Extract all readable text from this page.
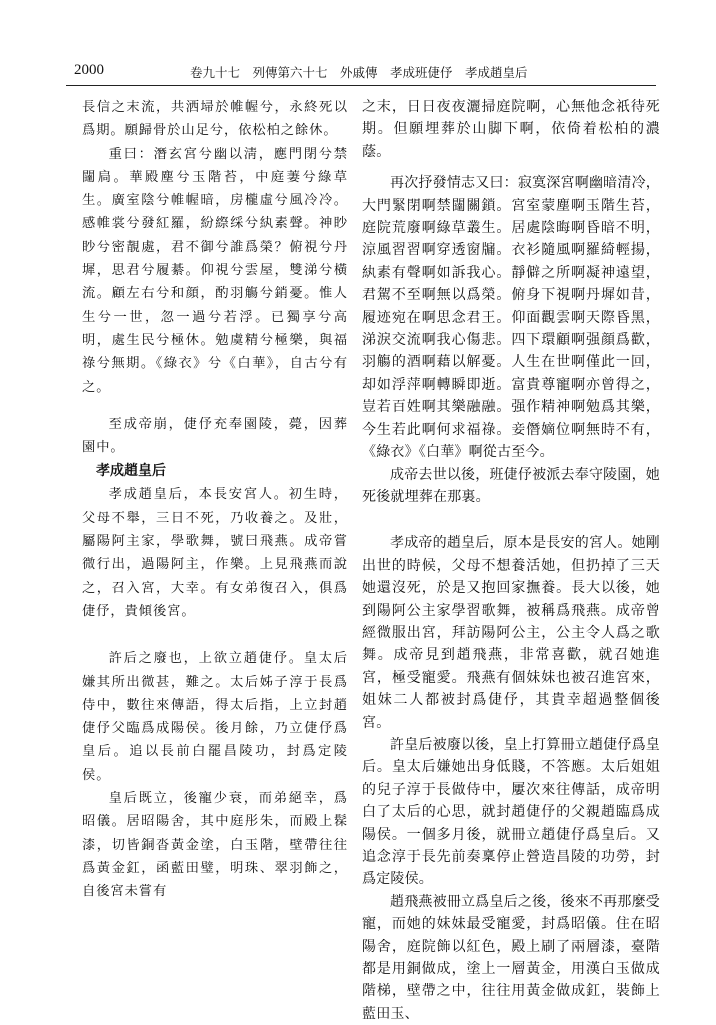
2000	卷九十七　列傳第六十七　外戚傳　孝成班倢伃　孝成趙皇后

長信之末流，共洒埽於帷幄兮，永終死以爲期。願歸骨於山足兮，依松柏之餘休。

重曰：潛玄宮兮幽以淸，應門閉兮禁闥扃。華殿塵兮玉階苔，中庭萋兮綠草生。廣室陰兮帷幄暗，房櫳虛兮風冷冷。感帷裳兮發紅羅，紛縩䌽兮紈素聲。神眇眇兮密靚處，君不御兮誰爲榮？俯視兮丹墀，思君兮履綦。仰視兮雲屋，雙涕兮橫流。顧左右兮和顔，酌羽觴兮銷憂。惟人生兮一世，忽一過兮若浮。已獨享兮高明，處生民兮極休。勉虞精兮極樂，與福祿兮無期。《綠衣》兮《白華》，自古兮有之。

至成帝崩，倢伃充奉園陵，薨，因葬園中。

孝成趙皇后

孝成趙皇后，本長安宮人。初生時，父母不舉，三日不死，乃收養之。及壯，屬陽阿主家，學歌舞，號曰飛燕。成帝嘗微行出，過陽阿主，作樂。上見飛燕而說之，召入宮，大幸。有女弟復召入，俱爲倢伃，貴傾後宮。

許后之廢也，上欲立趙倢伃。皇太后嫌其所出微甚，難之。太后姊子淳于長爲侍中，數往來傳語，得太后指，上立封趙倢伃父臨爲成陽侯。後月餘，乃立倢伃爲皇后。追以長前白罷昌陵功，封爲定陵侯。

皇后既立，後寵少衰，而弟絕幸，爲昭儀。居昭陽舍，其中庭彤朱，而殿上髹漆，切皆銅沓黃金塗，白玉階，壁帶往往爲黃金釭，函藍田璧，明珠、翠羽飾之，自後宮未嘗有

之末，日日夜夜灑掃庭院啊，心無他念祇待死期。但願埋葬於山脚下啊，依倚着松柏的濃蔭。

再次抒發情志又曰：寂寞深宮啊幽暗清冷，大門緊閉啊禁闥關鎖。宮室蒙塵啊玉階生苔，庭院荒廢啊綠草叢生。居處陰晦啊昏暗不明，涼風習習啊穿透窗牖。衣衫隨風啊羅綺輕揚，紈素有聲啊如訴我心。靜僻之所啊凝神遠望，君駕不至啊無以爲榮。俯身下視啊丹墀如昔，履迹宛在啊思念君王。仰面觀雲啊天際昏黑，涕淚交流啊我心傷悲。四下環顧啊强顔爲歡，羽觴的酒啊藉以解憂。人生在世啊僅此一回，却如浮萍啊轉瞬即逝。富貴尊寵啊亦曾得之，豈若百姓啊其樂融融。强作精神啊勉爲其樂，今生若此啊何求福祿。妾僭嫡位啊無時不有，《綠衣》《白華》啊從古至今。

成帝去世以後，班倢伃被派去奉守陵園，她死後就埋葬在那裏。

孝成帝的趙皇后，原本是長安的宮人。她剛出世的時候，父母不想養活她，但扔掉了三天她還沒死，於是又抱回家撫養。長大以後，她到陽阿公主家學習歌舞，被稱爲飛燕。成帝曾經微服出宮，拜訪陽阿公主，公主令人爲之歌舞。成帝見到趙飛燕，非常喜歡，就召她進宮，極受寵愛。飛燕有個妹妹也被召進宮來，姐妹二人都被封爲倢伃，其貴幸超過整個後宮。

許皇后被廢以後，皇上打算冊立趙倢伃爲皇后。皇太后嫌她出身低賤，不答應。太后姐姐的兒子淳于長做侍中，屢次來往傳話，成帝明白了太后的心思，就封趙倢伃的父親趙臨爲成陽侯。一個多月後，就冊立趙倢伃爲皇后。又追念淳于長先前奏稟停止營造昌陵的功勞，封爲定陵侯。

趙飛燕被冊立爲皇后之後，後來不再那麼受寵，而她的妹妹最受寵愛，封爲昭儀。住在昭陽舍，庭院飾以紅色，殿上刷了兩層漆，臺階都是用銅做成，塗上一層黃金，用漢白玉做成階梯，壁帶之中，往往用黃金做成釭，裝飾上藍田玉、
